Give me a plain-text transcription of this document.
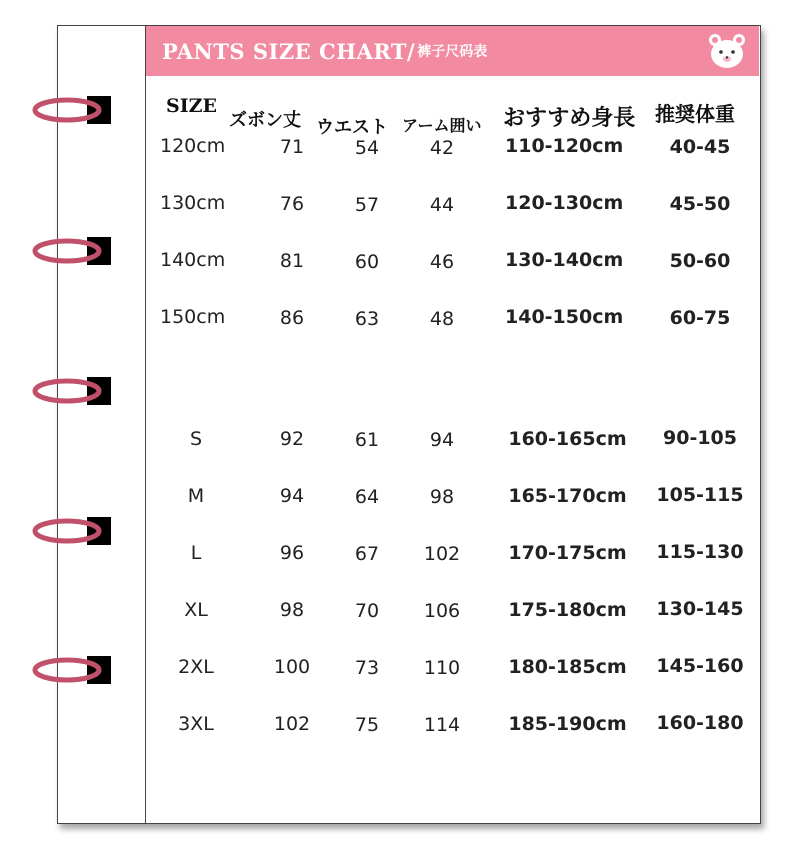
PANTS SIZE CHART/ 裤子尺码表
SIZE
ズボン丈 ウエスト アーム囲い おすすめ身長 推奨体重
120cm	71	54	42	110-120cm	40-45
130cm	76	57	44	120-130cm	45-50
140cm	81	60	46	130-140cm	50-60
150cm	86	63	48	140-150cm	60-75
S	92	61	94	160-165cm	90-105
M	94	64	98	165-170cm 105-115
L	96	67	102	170-175cm 115-130
XL	98	70	106	175-180cm 130-145
2XL	100	73	110	180-185cm 145-160
3XL	102	75	114	185-190cm 160-180
